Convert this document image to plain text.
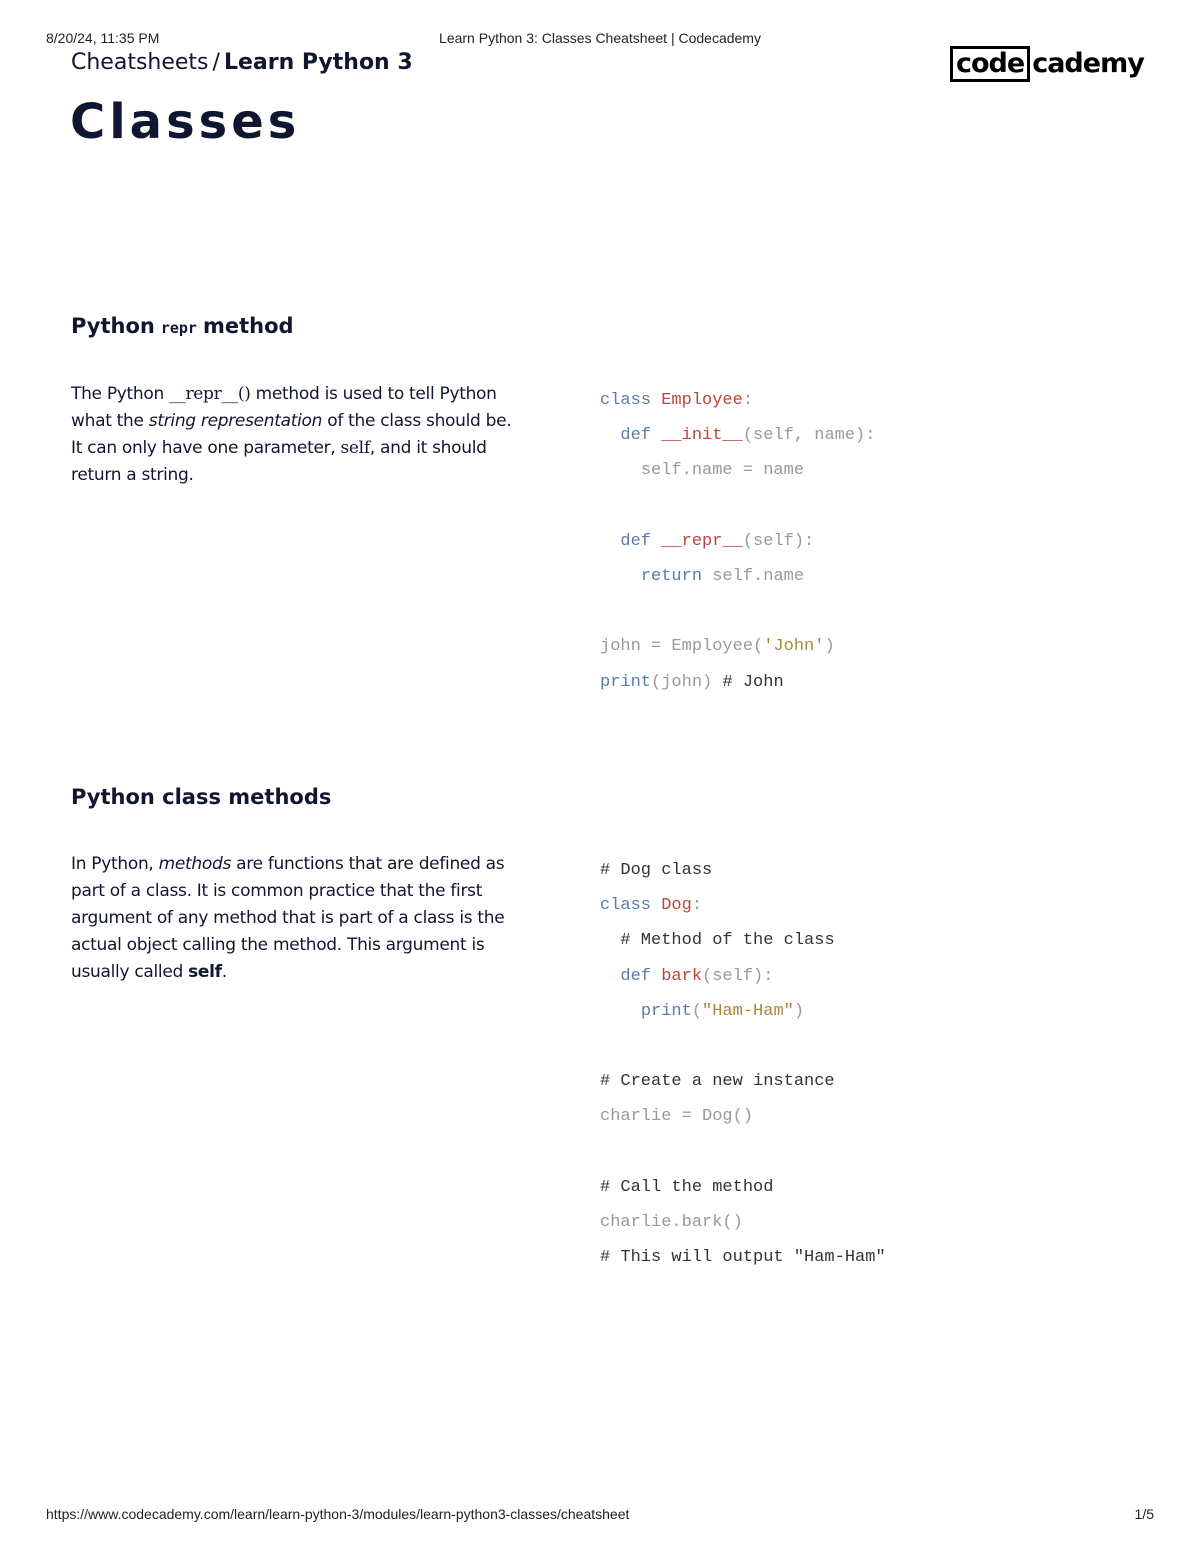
8/20/24, 11:35 PM	Learn Python 3: Classes Cheatsheet | Codecademy
Cheatsheets / Learn Python 3	code cademy
Classes
Python repr method

The Python __repr__() method is used to tell Python what the string representation of the class should be. It can only have one parameter, self, and it should return a string.

class Employee:
def __init__(self, name):
self.name = name

def __repr__(self):
return self.name

john = Employee('John')
print(john) # John
Python class methods

In Python, methods are functions that are defined as part of a class. It is common practice that the first argument of any method that is part of a class is the actual object calling the method. This argument is usually called self.

# Dog class
class Dog:
# Method of the class
def bark(self):
print("Ham-Ham")

# Create a new instance
charlie = Dog()

# Call the method
charlie.bark()
# This will output "Ham-Ham"
https://www.codecademy.com/learn/learn-python-3/modules/learn-python3-classes/cheatsheet	1/5
